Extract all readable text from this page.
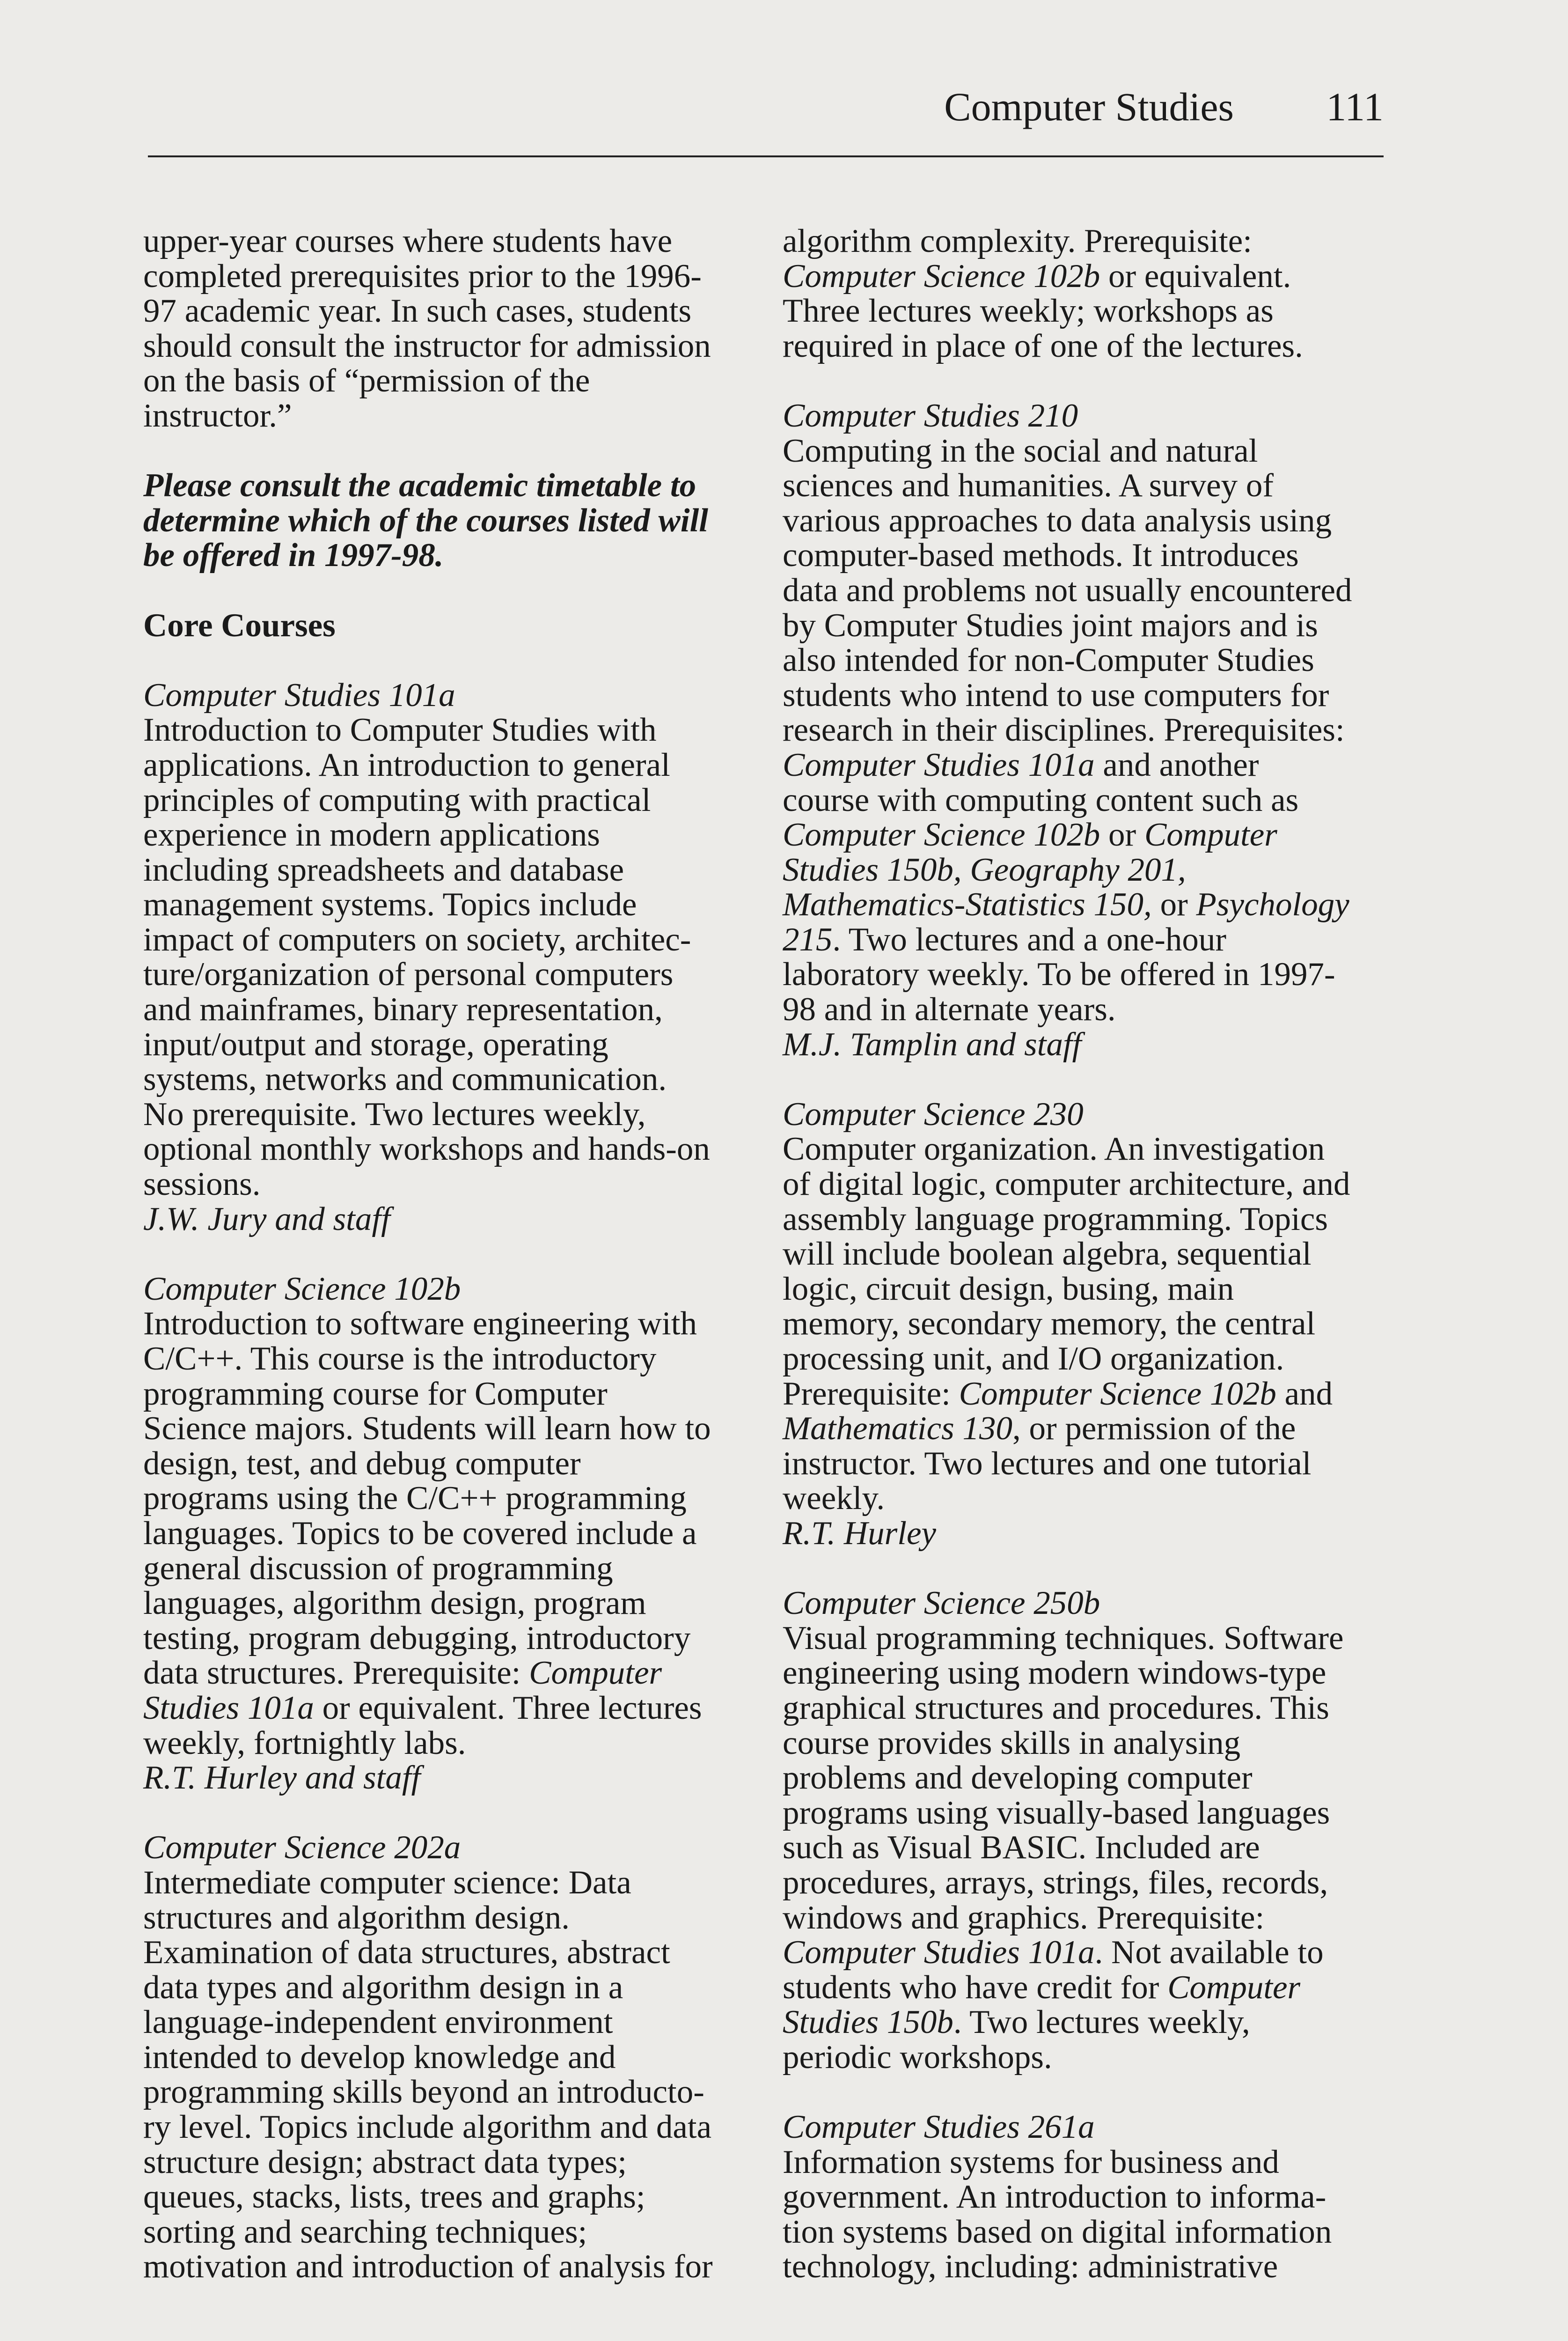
Computer Studies 111

upper-year courses where students have
completed prerequisites prior to the 1996-
97 academic year. In such cases, students
should consult the instructor for admission
on the basis of “permission of the
instructor.”

Please consult the academic timetable to
determine which of the courses listed will
be offered in 1997-98.

Core Courses

Computer Studies 101a

Introduction to Computer Studies with
applications. An introduction to general
principles of computing with practical
experience in modern applications
including spreadsheets and database
management systems. Topics include
impact of computers on society, architec-
ture/organization of personal computers
and mainframes, binary representation,
input/output and storage, operating
systems, networks and communication.
No prerequisite. Two lectures weekly,
optional monthly workshops and hands-on
sessions.

J.W. Jury and staff

Computer Science 102b

Introduction to software engineering with
C/C++. This course is the introductory
programming course for Computer
Science majors. Students will learn how to
design, test, and debug computer
programs using the C/C++ programming
languages. Topics to be covered include a
general discussion of programming
languages, algorithm design, program
testing, program debugging, introductory
data structures. Prerequisite: Computer
Studies 101a or equivalent. Three lectures
weekly, fortnightly labs.

R.T. Hurley and staff

Computer Science 202a

Intermediate computer science: Data
structures and algorithm design.
Examination of data structures, abstract
data types and algorithm design in a
language-independent environment
intended to develop knowledge and
programming skills beyond an introducto-
ry level. Topics include algorithm and data
structure design; abstract data types;
queues, stacks, lists, trees and graphs;
sorting and searching techniques;
motivation and introduction of analysis for

algorithm complexity. Prerequisite:
Computer Science 102b or equivalent.
Three lectures weekly; workshops as
required in place of one of the lectures.

Computer Studies 210

Computing in the social and natural
sciences and humanities. A survey of
various approaches to data analysis using
computer-based methods. It introduces
data and problems not usually encountered
by Computer Studies joint majors and is
also intended for non-Computer Studies
students who intend to use computers for
research in their disciplines. Prerequisites:
Computer Studies 101a and another
course with computing content such as
Computer Science 102b or Computer
Studies 150b, Geography 201,
Mathematics-Statistics 150, or Psychology
215. Two lectures and a one-hour
laboratory weekly. To be offered in 1997-
98 and in alternate years.

M.J. Tamplin and staff

Computer Science 230

Computer organization. An investigation
of digital logic, computer architecture, and
assembly language programming. Topics
will include boolean algebra, sequential
logic, circuit design, busing, main
memory, secondary memory, the central
processing unit, and I/O organization.
Prerequisite: Computer Science 102b and
Mathematics 130, or permission of the
instructor. Two lectures and one tutorial
weekly.

R.T. Hurley

Computer Science 250b

Visual programming techniques. Software
engineering using modern windows-type
graphical structures and procedures. This
course provides skills in analysing
problems and developing computer
programs using visually-based languages
such as Visual BASIC. Included are
procedures, arrays, strings, files, records,
windows and graphics. Prerequisite:
Computer Studies 101a. Not available to
students who have credit for Computer
Studies 150b. Two lectures weekly,
periodic workshops.

Computer Studies 261a

Information systems for business and
government. An introduction to informa-
tion systems based on digital information
technology, including: administrative
